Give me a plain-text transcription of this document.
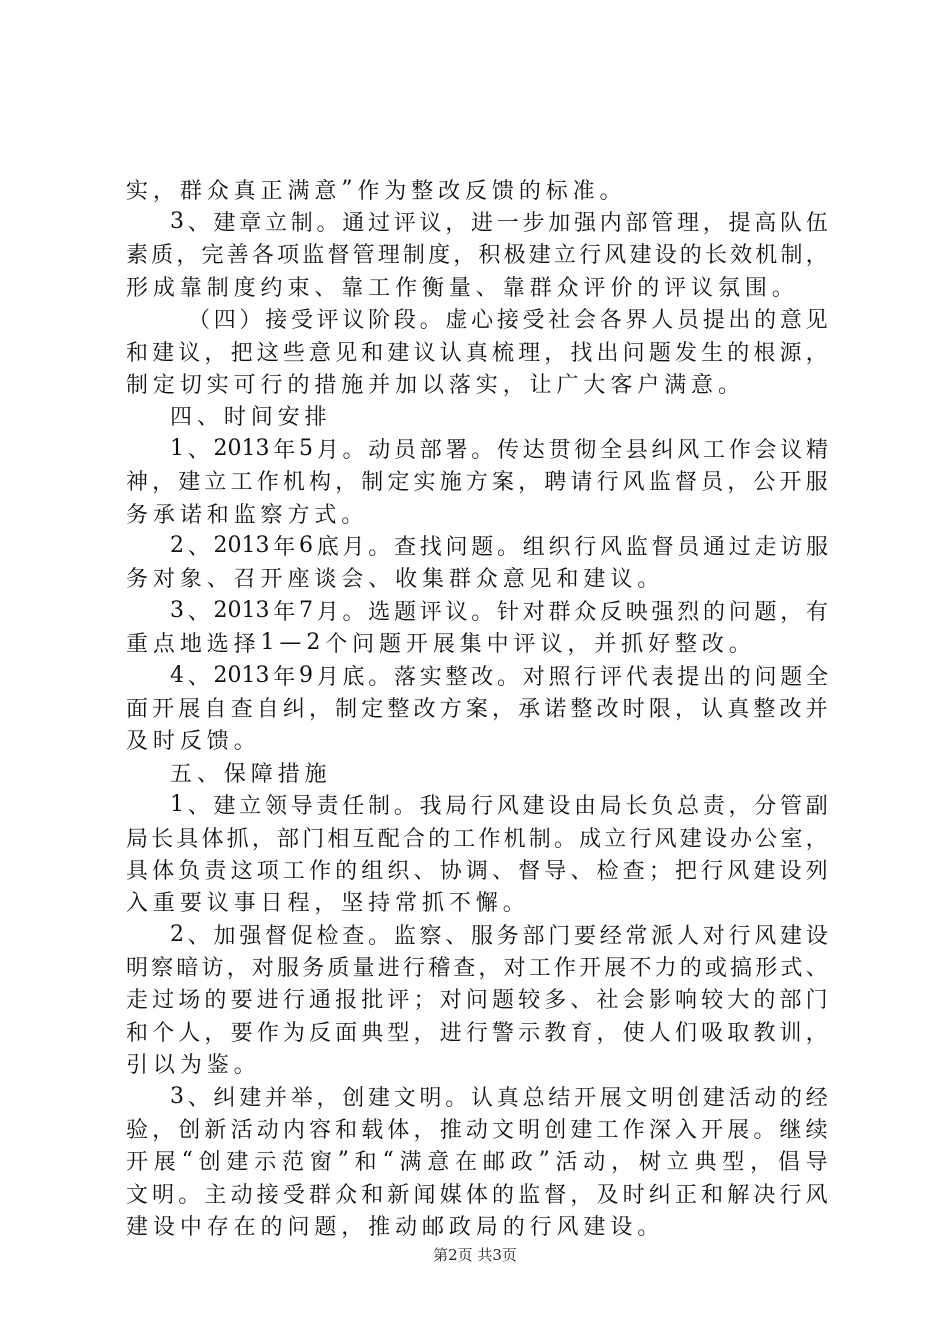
实 ， 群 众 真 正 满 意 ” 作 为 整 改 反 馈 的 标 准 。
3 、 建 章 立 制 。 通 过 评 议 ， 进 一 步 加 强 内 部 管 理 ， 提 高 队 伍
素 质 ， 完 善 各 项 监 督 管 理 制 度 ， 积 极 建 立 行 风 建 设 的 长 效 机 制 ，
形 成 靠 制 度 约 束 、 靠 工 作 衡 量 、 靠 群 众 评 价 的 评 议 氛 围 。
（ 四 ） 接 受 评 议 阶 段 。 虚 心 接 受 社 会 各 界 人 员 提 出 的 意 见
和 建 议 ， 把 这 些 意 见 和 建 议 认 真 梳 理 ， 找 出 问 题 发 生 的 根 源 ，
制 定 切 实 可 行 的 措 施 并 加 以 落 实 ， 让 广 大 客 户 满 意 。
四 、 时 间 安 排
1 、 2013 年 5 月 。 动 员 部 署 。 传 达 贯 彻 全 县 纠 风 工 作 会 议 精
神 ， 建 立 工 作 机 构 ， 制 定 实 施 方 案 ， 聘 请 行 风 监 督 员 ， 公 开 服
务 承 诺 和 监 察 方 式 。
2 、 2013 年 6 底 月 。 查 找 问 题 。 组 织 行 风 监 督 员 通 过 走 访 服
务 对 象 、 召 开 座 谈 会 、 收 集 群 众 意 见 和 建 议 。
3 、 2013 年 7 月 。 选 题 评 议 。 针 对 群 众 反 映 强 烈 的 问 题 ， 有
重 点 地 选 择 1 — 2 个 问 题 开 展 集 中 评 议 ， 并 抓 好 整 改 。
4 、 2013 年 9 月 底 。 落 实 整 改 。 对 照 行 评 代 表 提 出 的 问 题 全
面 开 展 自 查 自 纠 ， 制 定 整 改 方 案 ， 承 诺 整 改 时 限 ， 认 真 整 改 并
及 时 反 馈 。
五 、 保 障 措 施
1 、 建 立 领 导 责 任 制 。 我 局 行 风 建 设 由 局 长 负 总 责 ， 分 管 副
局 长 具 体 抓 ， 部 门 相 互 配 合 的 工 作 机 制 。 成 立 行 风 建 设 办 公 室 ，
具 体 负 责 这 项 工 作 的 组 织 、 协 调 、 督 导 、 检 查 ； 把 行 风 建 设 列
入 重 要 议 事 日 程 ， 坚 持 常 抓 不 懈 。
2 、 加 强 督 促 检 查 。 监 察 、 服 务 部 门 要 经 常 派 人 对 行 风 建 设
明 察 暗 访 ， 对 服 务 质 量 进 行 稽 查 ， 对 工 作 开 展 不 力 的 或 搞 形 式 、
走 过 场 的 要 进 行 通 报 批 评 ； 对 问 题 较 多 、 社 会 影 响 较 大 的 部 门
和 个 人 ， 要 作 为 反 面 典 型 ， 进 行 警 示 教 育 ， 使 人 们 吸 取 教 训 ，
引 以 为 鉴 。
3 、 纠 建 并 举 ， 创 建 文 明 。 认 真 总 结 开 展 文 明 创 建 活 动 的 经
验 ， 创 新 活 动 内 容 和 载 体 ， 推 动 文 明 创 建 工 作 深 入 开 展 。 继 续
开 展 “ 创 建 示 范 窗 ” 和 “ 满 意 在 邮 政 ” 活 动 ， 树 立 典 型 ， 倡 导
文 明 。 主 动 接 受 群 众 和 新 闻 媒 体 的 监 督 ， 及 时 纠 正 和 解 决 行 风
建 设 中 存 在 的 问 题 ， 推 动 邮 政 局 的 行 风 建 设 。
第2页 共3页
